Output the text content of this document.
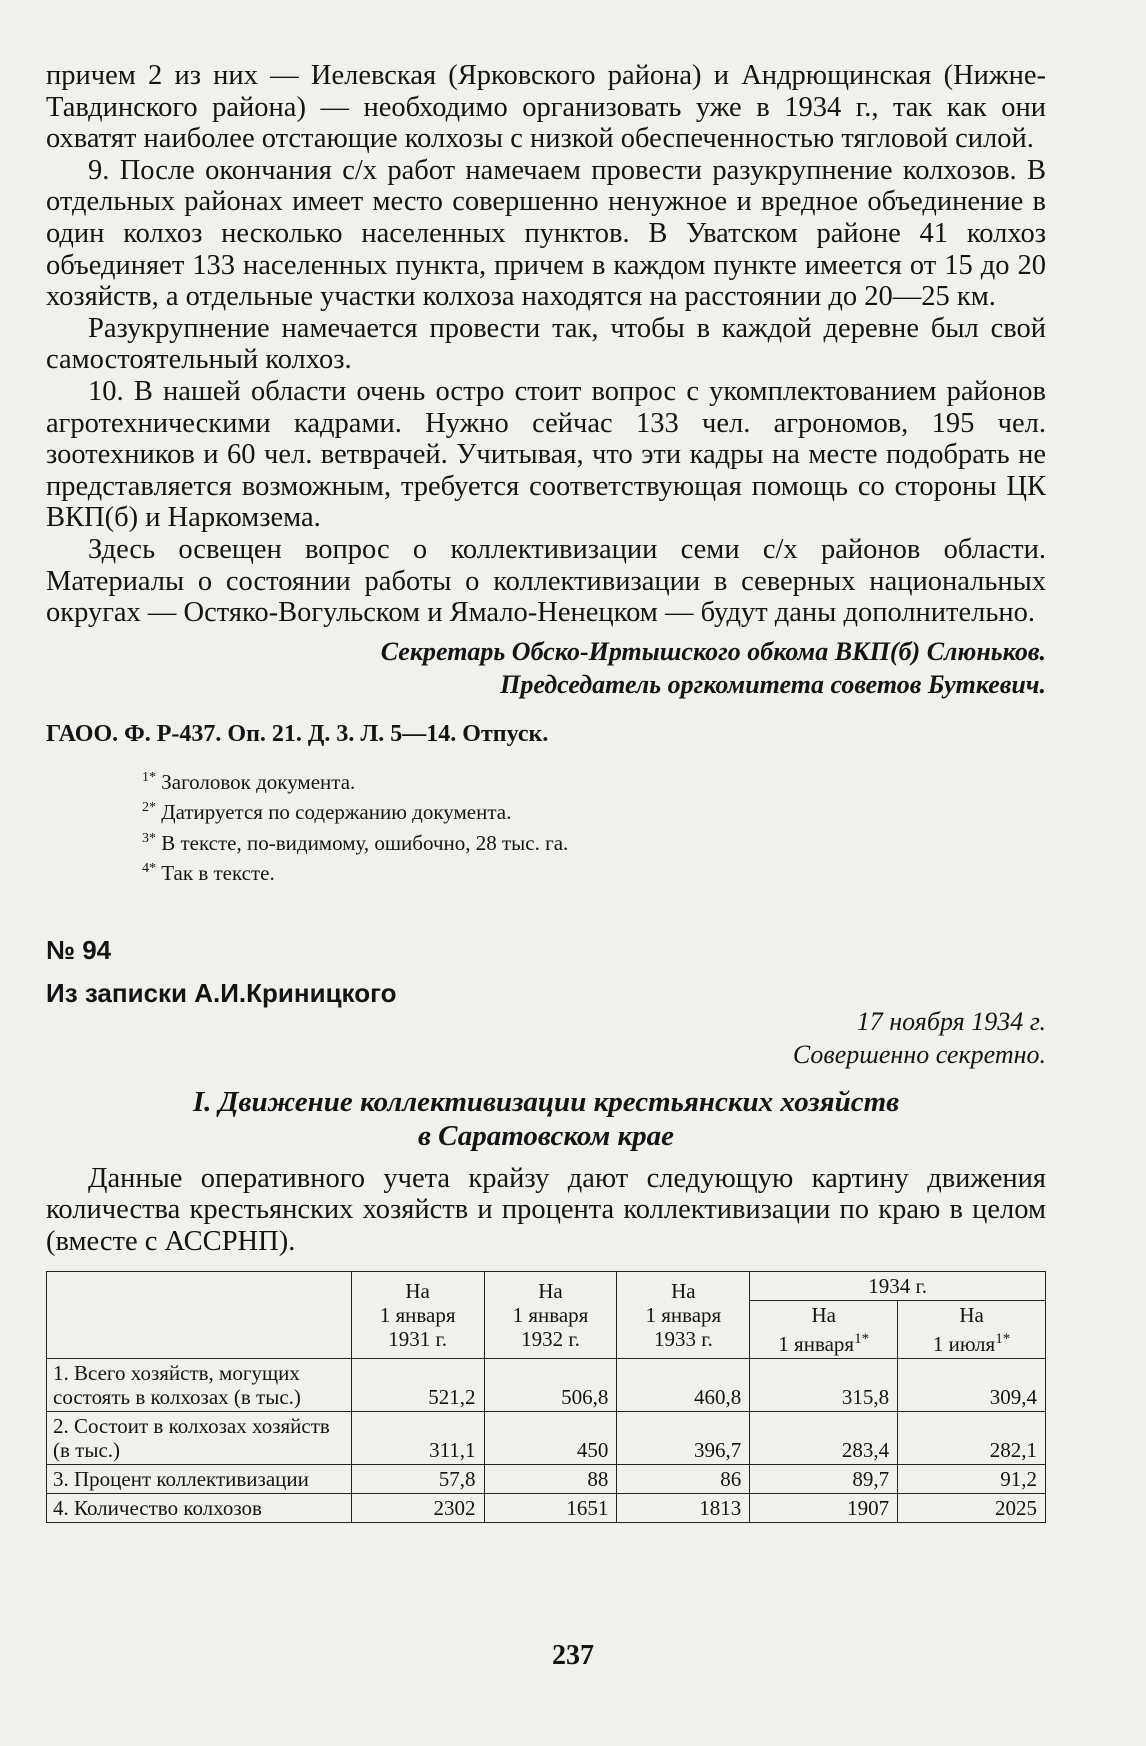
причем 2 из них — Иелевская (Ярковского района) и Андрющинская (Нижне-Тавдинского района) — необходимо организовать уже в 1934 г., так как они охватят наиболее отстающие колхозы с низкой обеспеченностью тягловой силой.

9. После окончания с/х работ намечаем провести разукрупнение колхозов. В отдельных районах имеет место совершенно ненужное и вредное объединение в один колхоз несколько населенных пунктов. В Уватском районе 41 колхоз объединяет 133 населенных пункта, причем в каждом пункте имеется от 15 до 20 хозяйств, а отдельные участки колхоза находятся на расстоянии до 20—25 км.

Разукрупнение намечается провести так, чтобы в каждой деревне был свой самостоятельный колхоз.

10. В нашей области очень остро стоит вопрос с укомплектованием районов агротехническими кадрами. Нужно сейчас 133 чел. агрономов, 195 чел. зоотехников и 60 чел. ветврачей. Учитывая, что эти кадры на месте подобрать не представляется возможным, требуется соответствующая помощь со стороны ЦК ВКП(б) и Наркомзема.

Здесь освещен вопрос о коллективизации семи с/х районов области. Материалы о состоянии работы о коллективизации в северных национальных округах — Остяко-Вогульском и Ямало-Ненецком — будут даны дополнительно.

Секретарь Обско-Иртышского обкома ВКП(б) Слюньков.
Председатель оргкомитета советов Буткевич.
ГАОО. Ф. Р-437. Оп. 21. Д. 3. Л. 5—14. Отпуск.
$^{1*}$ Заголовок документа.
$^{2*}$ Датируется по содержанию документа.
$^{3*}$ В тексте, по-видимому, ошибочно, 28 тыс. га.
$^{4*}$ Так в тексте.
№ 94
Из записки А.И.Криницкого
17 ноября 1934 г.
Совершенно секретно.
I. Движение коллективизации крестьянских хозяйств
в Саратовском крае

Данные оперативного учета крайзу дают следующую картину движения количества крестьянских хозяйств и процента коллективизации по краю в целом (вместе с АССРНП).

	На
1 января
1931 г.	На
1 января
1932 г.	На
1 января
1933 г.	1934 г.	
				На
1 января$^{1*}$	На
1 июля$^{1*}$
1. Всего хозяйств, могущих состоять в колхозах (в тыс.)	521,2	506,8	460,8	315,8	309,4
2. Состоит в колхозах хозяйств (в тыс.)	311,1	450	396,7	283,4	282,1
3. Процент коллективизации	57,8	88	86	89,7	91,2
4. Количество колхозов	2302	1651	1813	1907	2025
237
